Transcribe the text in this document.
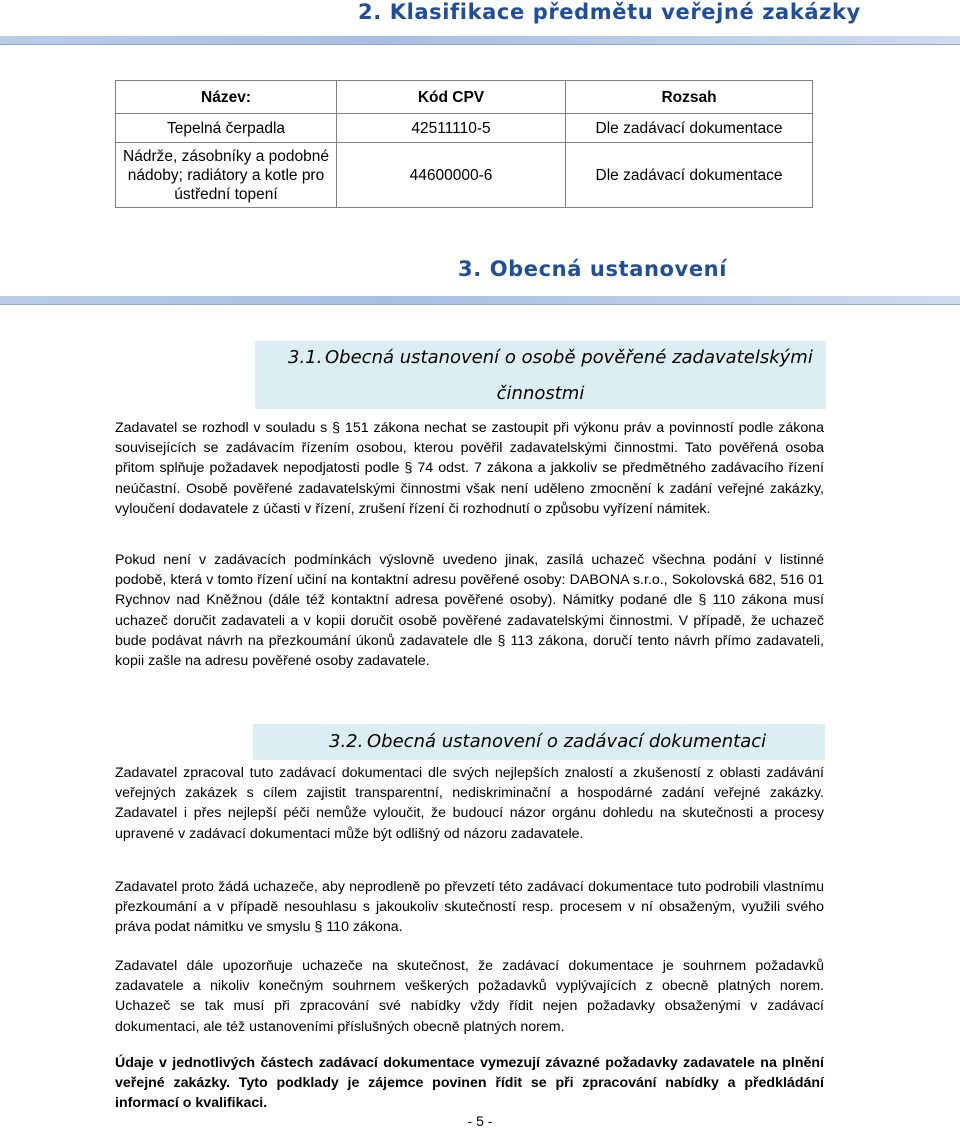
2. Klasifikace předmětu veřejné zakázky
Název:	Kód CPV	Rozsah
Tepelná čerpadla	42511110-5	Dle zadávací dokumentace
Nádrže, zásobníky a podobné nádoby; radiátory a kotle pro ústřední topení	44600000-6	Dle zadávací dokumentace
3. Obecná ustanovení
3.1. Obecná ustanovení o osobě pověřené zadavatelskými
činnostmi

Zadavatel se rozhodl v souladu s § 151 zákona nechat se zastoupit při výkonu práv a povinností podle zákona souvisejících se zadávacím řízením osobou, kterou pověřil zadavatelskými činnostmi. Tato pověřená osoba přitom splňuje požadavek nepodjatosti podle § 74 odst. 7 zákona a jakkoliv se předmětného zadávacího řízení neúčastní. Osobě pověřené zadavatelskými činnostmi však není uděleno zmocnění k zadání veřejné zakázky, vyloučení dodavatele z účasti v řízení, zrušení řízení či rozhodnutí o způsobu vyřízení námitek.

Pokud není v zadávacích podmínkách výslovně uvedeno jinak, zasílá uchazeč všechna podání v listinné podobě, která v tomto řízení učiní na kontaktní adresu pověřené osoby: DABONA s.r.o., Sokolovská 682, 516 01 Rychnov nad Kněžnou (dále též kontaktní adresa pověřené osoby). Námitky podané dle § 110 zákona musí uchazeč doručit zadavateli a v kopii doručit osobě pověřené zadavatelskými činnostmi. V případě, že uchazeč bude podávat návrh na přezkoumání úkonů zadavatele dle § 113 zákona, doručí tento návrh přímo zadavateli, kopii zašle na adresu pověřené osoby zadavatele.

3.2. Obecná ustanovení o zadávací dokumentaci

Zadavatel zpracoval tuto zadávací dokumentaci dle svých nejlepších znalostí a zkušeností z oblasti zadávání veřejných zakázek s cílem zajistit transparentní, nediskriminační a hospodárné zadání veřejné zakázky. Zadavatel i přes nejlepší péči nemůže vyloučit, že budoucí názor orgánu dohledu na skutečnosti a procesy upravené v zadávací dokumentaci může být odlišný od názoru zadavatele.

Zadavatel proto žádá uchazeče, aby neprodleně po převzetí této zadávací dokumentace tuto podrobili vlastnímu přezkoumání a v případě nesouhlasu s jakoukoliv skutečností resp. procesem v ní obsaženým, využili svého práva podat námitku ve smyslu § 110 zákona.

Zadavatel dále upozorňuje uchazeče na skutečnost, že zadávací dokumentace je souhrnem požadavků zadavatele a nikoliv konečným souhrnem veškerých požadavků vyplývajících z obecně platných norem. Uchazeč se tak musí při zpracování své nabídky vždy řídit nejen požadavky obsaženými v zadávací dokumentaci, ale též ustanoveními příslušných obecně platných norem.

Údaje v jednotlivých částech zadávací dokumentace vymezují závazné požadavky zadavatele na plnění veřejné zakázky. Tyto podklady je zájemce povinen řídit se při zpracování nabídky a předkládání informací o kvalifikaci.

- 5 -
